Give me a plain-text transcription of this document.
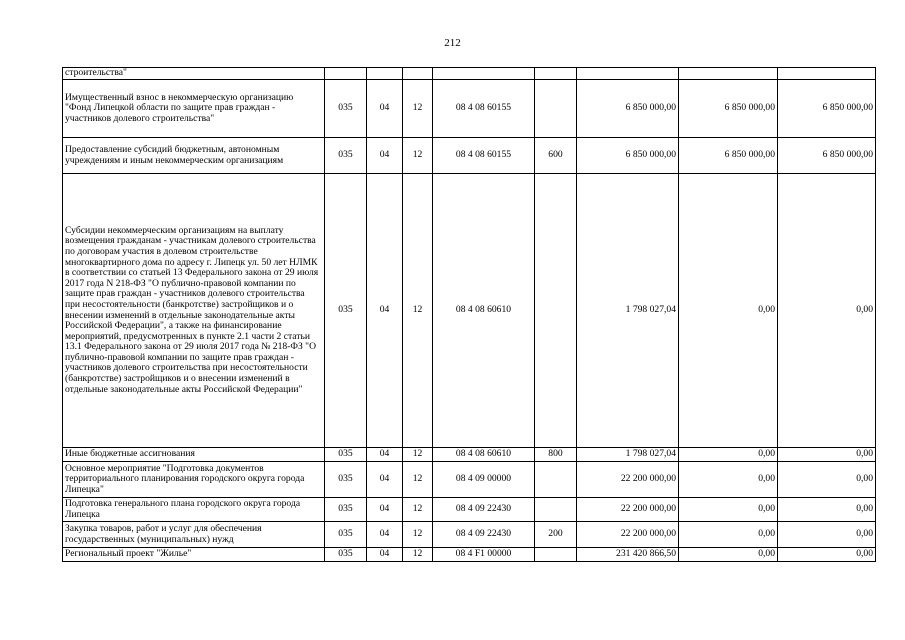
212
строительства"								
Имущественный взнос в некоммерческую организацию "Фонд Липецкой области по защите прав граждан - участников долевого строительства"	035	04	12	08 4 08 60155		6 850 000,00	6 850 000,00	6 850 000,00
Предоставление субсидий бюджетным, автономным учреждениям и иным некоммерческим организациям	035	04	12	08 4 08 60155	600	6 850 000,00	6 850 000,00	6 850 000,00
Субсидии некоммерческим организациям на выплату возмещения гражданам - участникам долевого строительства по договорам участия в долевом строительстве многоквартирного дома по адресу г. Липецк ул. 50 лет НЛМК в соответствии со статьей 13 Федерального закона от 29 июля 2017 года N 218-ФЗ "О публично-правовой компании по защите прав граждан - участников долевого строительства при несостоятельности (банкротстве) застройщиков и о внесении изменений в отдельные законодательные акты Российской Федерации", а также на финансирование мероприятий, предусмотренных в пункте 2.1 части 2 статьи 13.1 Федерального закона от 29 июля 2017 года № 218-ФЗ "О публично-правовой компании по защите прав граждан - участников долевого строительства при несостоятельности (банкротстве) застройщиков и о внесении изменений в отдельные законодательные акты Российской Федерации"	035	04	12	08 4 08 60610		1 798 027,04	0,00	0,00
Иные бюджетные ассигнования	035	04	12	08 4 08 60610	800	1 798 027,04	0,00	0,00
Основное мероприятие "Подготовка документов территориального планирования городского округа города Липецка"	035	04	12	08 4 09 00000		22 200 000,00	0,00	0,00
Подготовка генерального плана городского округа города Липецка	035	04	12	08 4 09 22430		22 200 000,00	0,00	0,00
Закупка товаров, работ и услуг для обеспечения государственных (муниципальных) нужд	035	04	12	08 4 09 22430	200	22 200 000,00	0,00	0,00
Региональный проект "Жилье"	035	04	12	08 4 F1 00000		231 420 866,50	0,00	0,00
